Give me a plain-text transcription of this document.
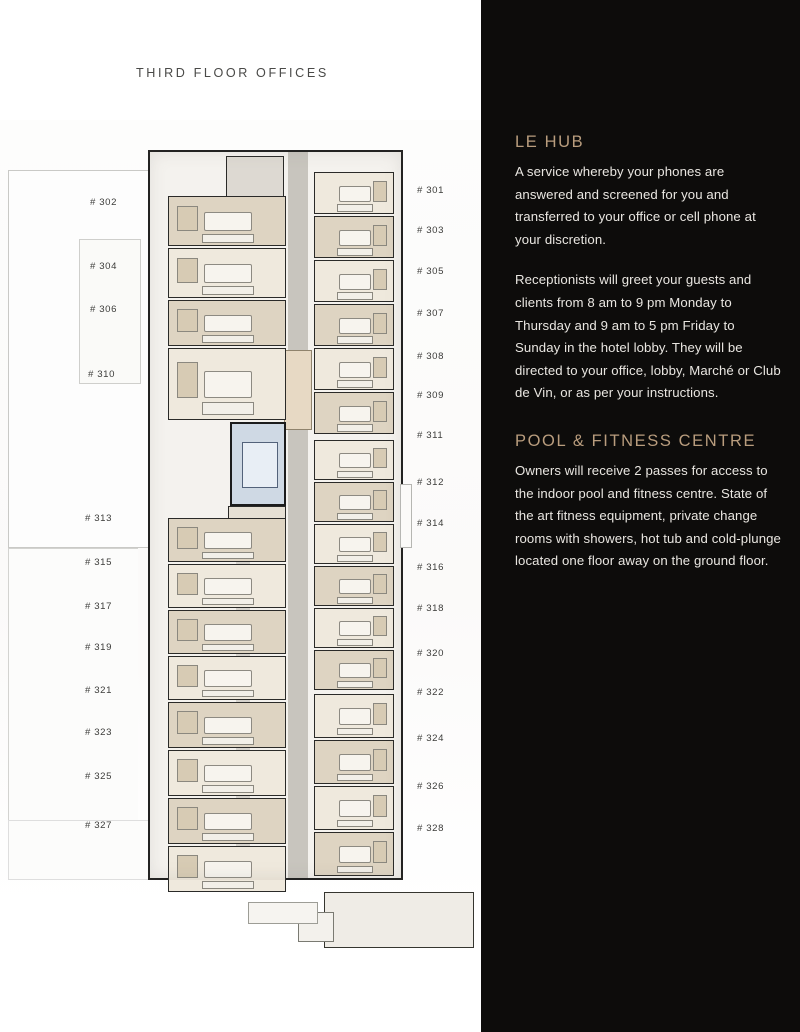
THIRD FLOOR OFFICES
# 302
# 304
# 306
# 310
# 313
# 315
# 317
# 319
# 321
# 323
# 325
# 327
# 301
# 303
# 305
# 307
# 308
# 309
# 311
# 312
# 314
# 316
# 318
# 320
# 322
# 324
# 326
# 328
LE HUB

A service whereby your phones are answered and screened for you and transferred to your office or cell phone at your discretion.

Receptionists will greet your guests and clients from 8 am to 9 pm Monday to Thursday and 9 am to 5 pm Friday to Sunday in the hotel lobby. They will be directed to your office, lobby, Marché or Club de Vin, or as per your instructions.

POOL & FITNESS CENTRE

Owners will receive 2 passes for access to the indoor pool and fitness centre. State of the art fitness equipment, private change rooms with showers, hot tub and cold-plunge located one floor away on the ground floor.
